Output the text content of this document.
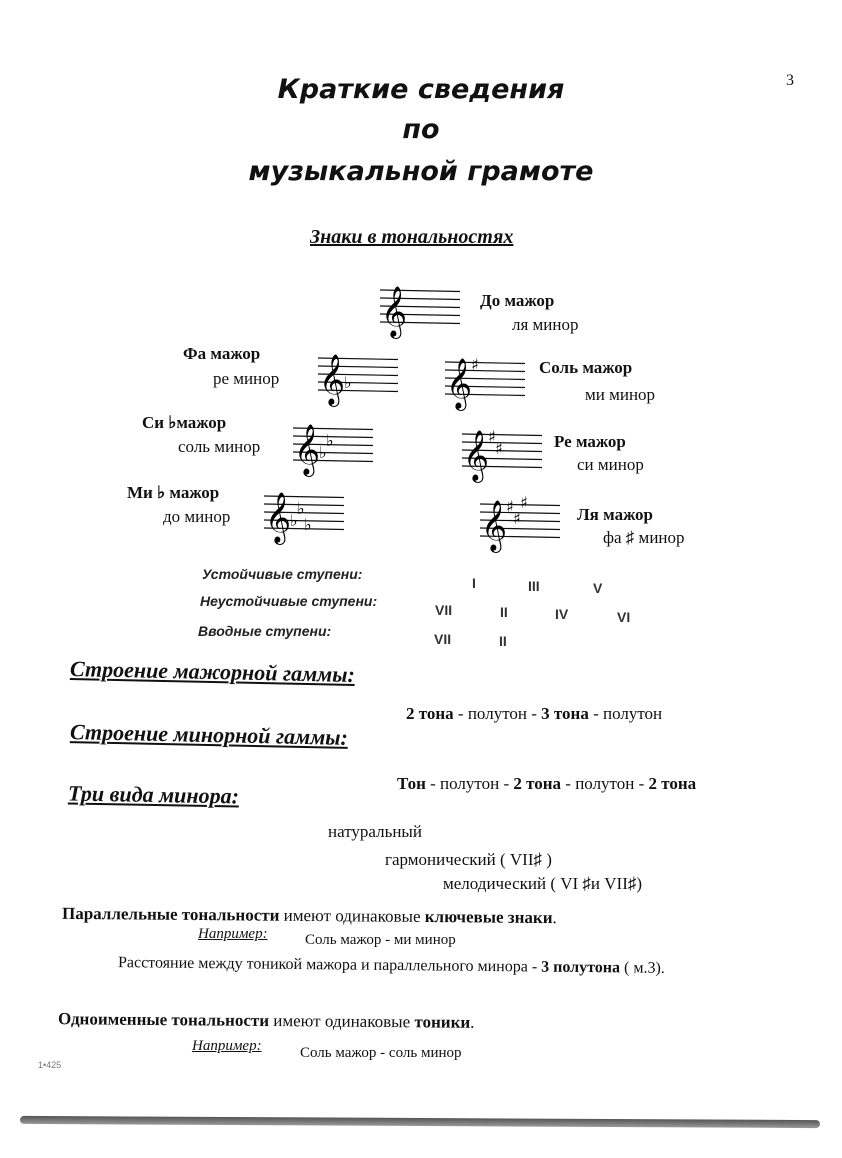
3
Краткие сведения
по
музыкальной грамоте
Знаки в тональностях
𝄞	До мажор
ля минор
𝄞
♭
Фа мажор
ре минор	𝄞
♯	Соль мажор
ми минор
𝄞
♭
♭
Си ♭мажор
соль минор	𝄞
♯
♯	Ре мажор
си минор
𝄞
♭
♭
♭
Ми ♭ мажор
до минор	𝄞
♯
♯
♯
Ля мажор
фа ♯ минор
Устойчивые ступени:
I	III	V
Неустойчивые ступени:
VII	II	IV	VI
Вводные ступени:	VII	II
Строение мажорной гаммы:
2 тона - полутон - 3 тона - полутон
Строение минорной гаммы:
Тон - полутон - 2 тона - полутон - 2 тона
Три вида минора:
натуральный
гармонический ( VII♯ )
мелодический ( VI ♯и VII♯)
Параллельные тональности имеют одинаковые ключевые знаки.
Например: Соль мажор - ми минор
Расстояние между тоникой мажора и параллельного минора - 3 полутона ( м.3).
Одноименные тональности имеют одинаковые тоники.
Например:	Соль мажор - соль минор
1•425
